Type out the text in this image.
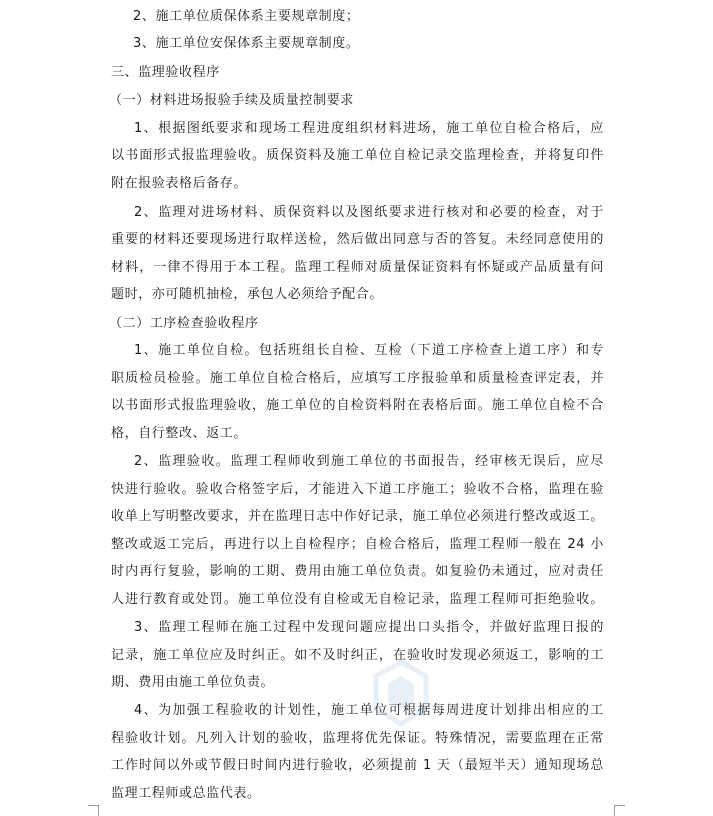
2、施工单位质保体系主要规章制度；
3、施工单位安保体系主要规章制度。
三、监理验收程序
（一）材料进场报验手续及质量控制要求
1、根据图纸要求和现场工程进度组织材料进场，施工单位自检合格后，应
以书面形式报监理验收。质保资料及施工单位自检记录交监理检查，并将复印件
附在报验表格后备存。
2、监理对进场材料、质保资料以及图纸要求进行核对和必要的检查，对于
重要的材料还要现场进行取样送检，然后做出同意与否的答复。未经同意使用的
材料，一律不得用于本工程。监理工程师对质量保证资料有怀疑或产品质量有问
题时，亦可随机抽检，承包人必须给予配合。
（二）工序检查验收程序
1、施工单位自检。包括班组长自检、互检（下道工序检查上道工序）和专
职质检员检验。施工单位自检合格后，应填写工序报验单和质量检查评定表，并
以书面形式报监理验收，施工单位的自检资料附在表格后面。施工单位自检不合
格，自行整改、返工。
2、监理验收。监理工程师收到施工单位的书面报告，经审核无误后，应尽
快进行验收。验收合格签字后，才能进入下道工序施工；验收不合格，监理在验
收单上写明整改要求，并在监理日志中作好记录，施工单位必须进行整改或返工。
整改或返工完后，再进行以上自检程序；自检合格后，监理工程师一般在 24 小
时内再行复验，影响的工期、费用由施工单位负责。如复验仍未通过，应对责任
人进行教育或处罚。施工单位没有自检或无自检记录，监理工程师可拒绝验收。
3、监理工程师在施工过程中发现问题应提出口头指令，并做好监理日报的
记录，施工单位应及时纠正。如不及时纠正，在验收时发现必须返工，影响的工
期、费用由施工单位负责。
4、为加强工程验收的计划性，施工单位可根据每周进度计划排出相应的工
程验收计划。凡列入计划的验收，监理将优先保证。特殊情况，需要监理在正常
工作时间以外或节假日时间内进行验收，必须提前 1 天（最短半天）通知现场总
监理工程师或总监代表。
